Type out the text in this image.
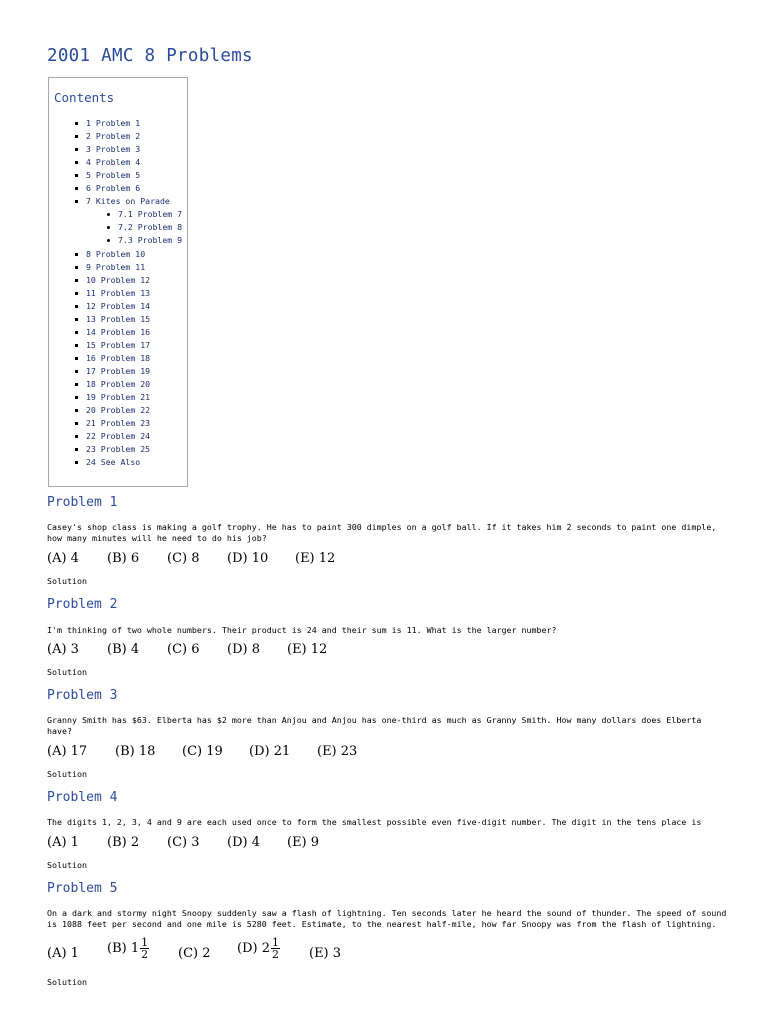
2001 AMC 8 Problems
Contents
1 Problem 1
2 Problem 2
3 Problem 3
4 Problem 4
5 Problem 5
6 Problem 6
7 Kites on Parade
7.1 Problem 7
7.2 Problem 8
7.3 Problem 9
8 Problem 10
9 Problem 11
10 Problem 12
11 Problem 13
12 Problem 14
13 Problem 15
14 Problem 16
15 Problem 17
16 Problem 18
17 Problem 19
18 Problem 20
19 Problem 21
20 Problem 22
21 Problem 23
22 Problem 24
23 Problem 25
24 See Also
Problem 1
Casey's shop class is making a golf trophy. He has to paint 300 dimples on a golf ball. If it takes him 2 seconds to paint one dimple, how many minutes will he need to do his job?
(A) 4 (B) 6 (C) 8 (D) 10 (E) 12
Solution
Problem 2
I'm thinking of two whole numbers. Their product is 24 and their sum is 11. What is the larger number?
(A) 3 (B) 4 (C) 6 (D) 8 (E) 12
Solution
Problem 3
Granny Smith has $63. Elberta has $2 more than Anjou and Anjou has one-third as much as Granny Smith. How many dollars does Elberta have?
(A) 17 (B) 18 (C) 19 (D) 21 (E) 23
Solution
Problem 4
The digits 1, 2, 3, 4 and 9 are each used once to form the smallest possible even five-digit number. The digit in the tens place is
(A) 1 (B) 2 (C) 3 (D) 4 (E) 9
Solution
Problem 5
On a dark and stormy night Snoopy suddenly saw a flash of lightning. Ten seconds later he heard the sound of thunder. The speed of sound is 1088 feet per second and one mile is 5280 feet. Estimate, to the nearest half-mile, how far Snoopy was from the flash of lightning.
(A) 1 (B) $1 \frac{1}{2} (C)$ 2 (D) $2 \frac{1}{2} (E)$ 3
Solution
